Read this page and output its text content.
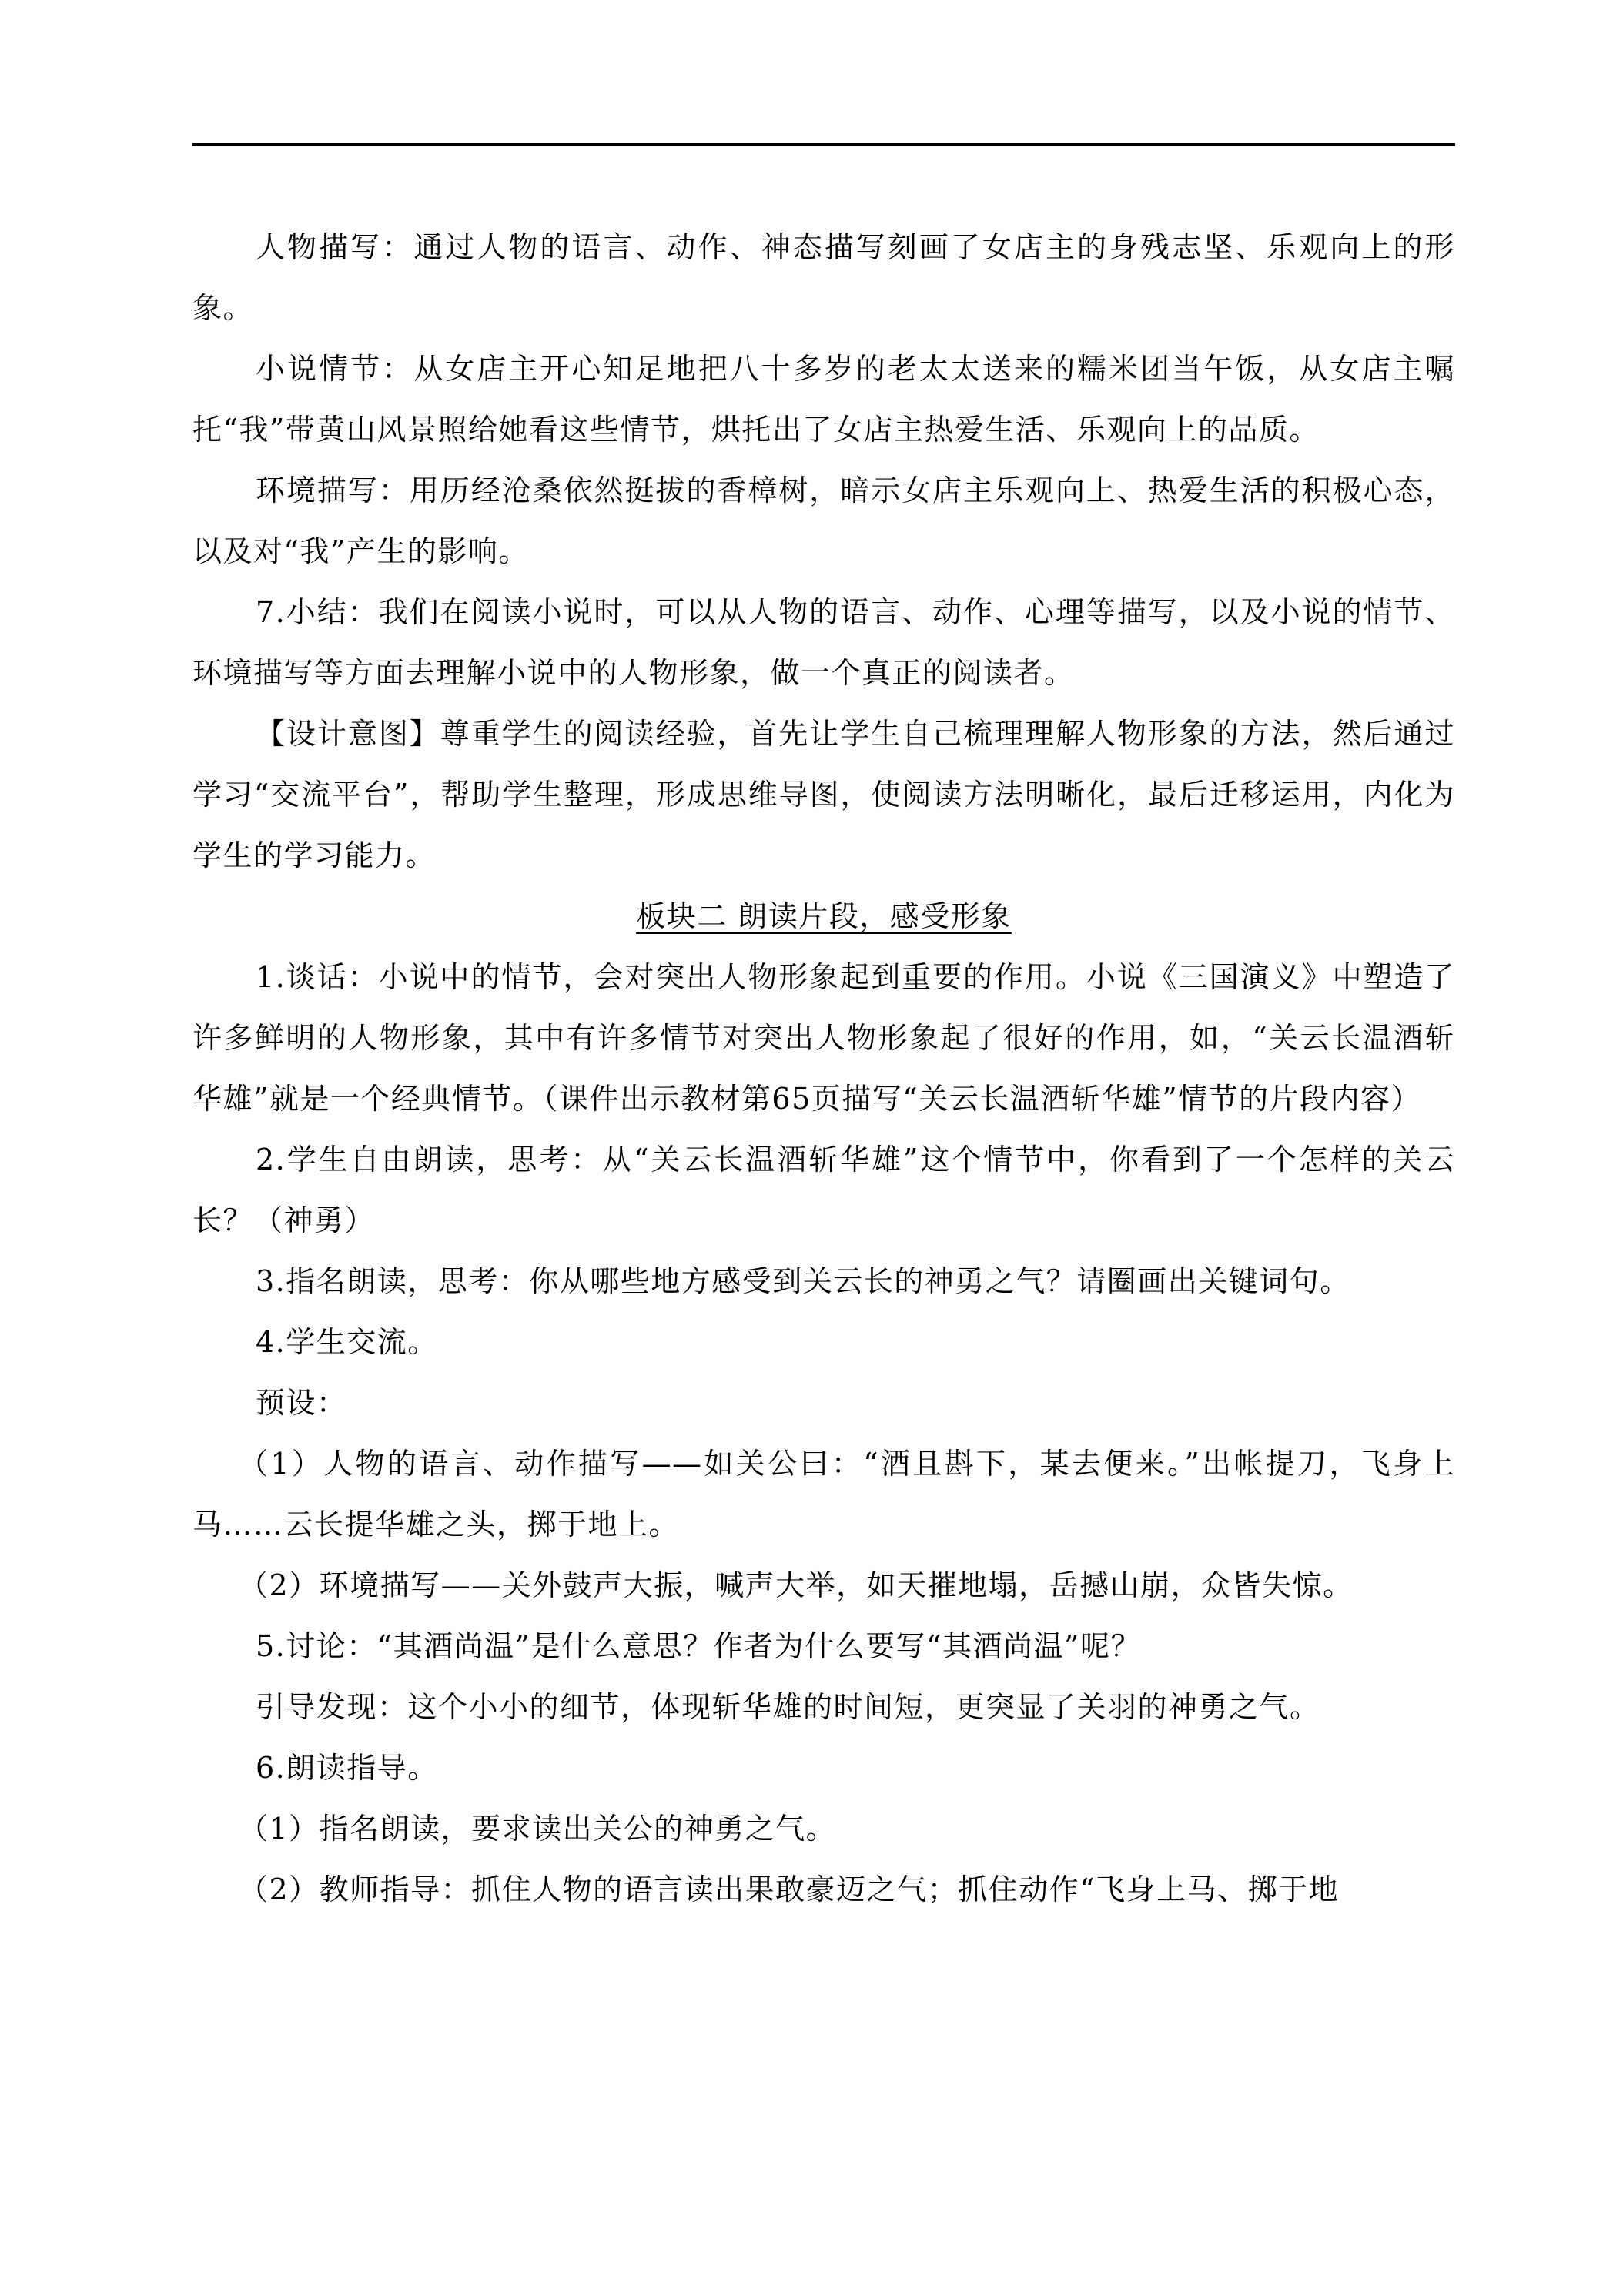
人物描写：通过人物的语言、动作、神态描写刻画了女店主的身残志坚、乐观向上的形象。

小说情节：从女店主开心知足地把八十多岁的老太太送来的糯米团当午饭，从女店主嘱托“我”带黄山风景照给她看这些情节，烘托出了女店主热爱生活、乐观向上的品质。

环境描写：用历经沧桑依然挺拔的香樟树，暗示女店主乐观向上、热爱生活的积极心态，以及对“我”产生的影响。

7.小结：我们在阅读小说时，可以从人物的语言、动作、心理等描写，以及小说的情节、环境描写等方面去理解小说中的人物形象，做一个真正的阅读者。

【设计意图】尊重学生的阅读经验，首先让学生自己梳理理解人物形象的方法，然后通过学习“交流平台”，帮助学生整理，形成思维导图，使阅读方法明晰化，最后迁移运用，内化为学生的学习能力。

板块二 朗读片段，感受形象

1.谈话：小说中的情节，会对突出人物形象起到重要的作用。小说《三国演义》中塑造了许多鲜明的人物形象，其中有许多情节对突出人物形象起了很好的作用，如，“关云长温酒斩华雄”就是一个经典情节。（课件出示教材第65页描写“关云长温酒斩华雄”情节的片段内容）

2.学生自由朗读，思考：从“关云长温酒斩华雄”这个情节中，你看到了一个怎样的关云长？（神勇）

3.指名朗读，思考：你从哪些地方感受到关云长的神勇之气？请圈画出关键词句。

4.学生交流。

预设：

（1）人物的语言、动作描写——如关公曰：“酒且斟下，某去便来。”出帐提刀，飞身上马……云长提华雄之头，掷于地上。

（2）环境描写——关外鼓声大振，喊声大举，如天摧地塌，岳撼山崩，众皆失惊。

5.讨论：“其酒尚温”是什么意思？作者为什么要写“其酒尚温”呢？

引导发现：这个小小的细节，体现斩华雄的时间短，更突显了关羽的神勇之气。

6.朗读指导。

（1）指名朗读，要求读出关公的神勇之气。

（2）教师指导：抓住人物的语言读出果敢豪迈之气；抓住动作“飞身上马、掷于地
